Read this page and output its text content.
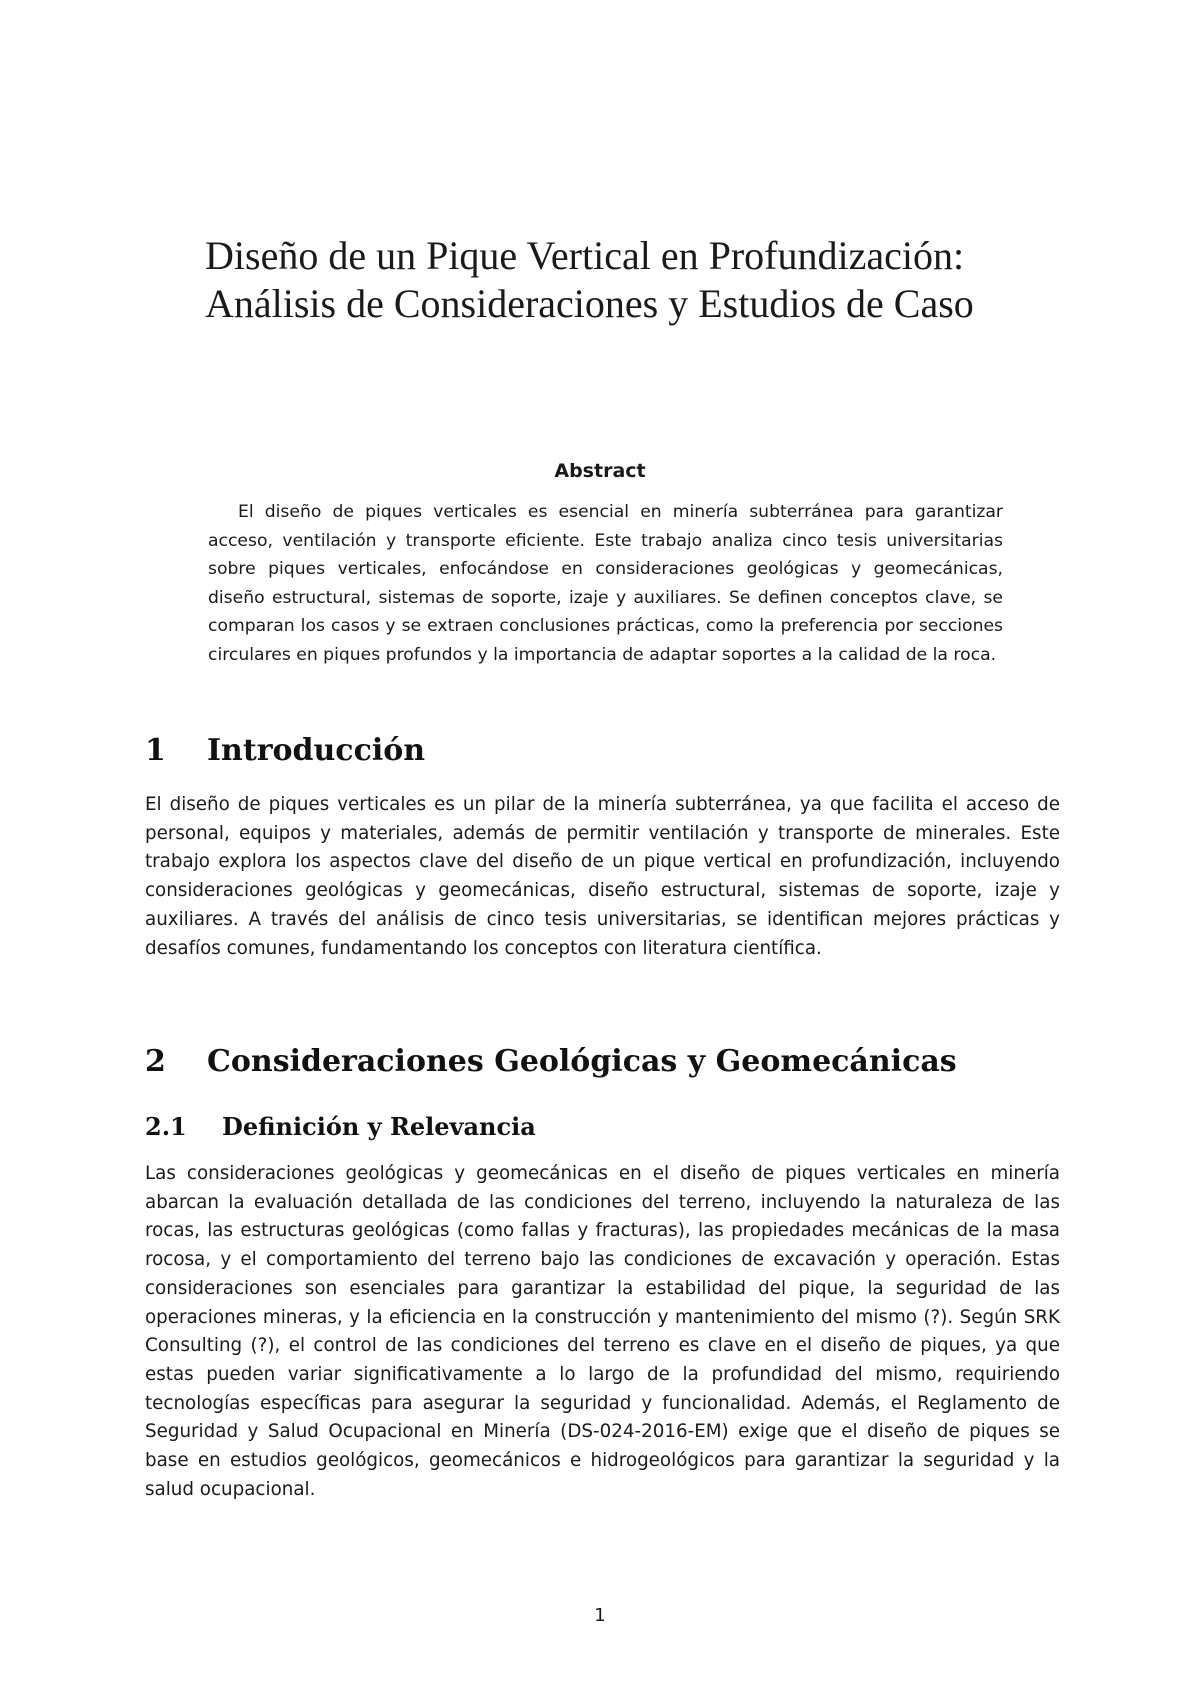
Diseño de un Pique Vertical en Profundización:
Análisis de Consideraciones y Estudios de Caso
Abstract

El diseño de piques verticales es esencial en minería subterránea para garantizar acceso, ventilación y transporte eficiente. Este trabajo analiza cinco tesis universitarias sobre piques verticales, enfocándose en consideraciones geológicas y geomecánicas, diseño estructural, sistemas de soporte, izaje y auxiliares. Se definen conceptos clave, se comparan los casos y se extraen conclusiones prácticas, como la preferencia por secciones circulares en piques profundos y la importancia de adaptar soportes a la calidad de la roca.

1 Introducción

El diseño de piques verticales es un pilar de la minería subterránea, ya que facilita el acceso de personal, equipos y materiales, además de permitir ventilación y transporte de minerales. Este trabajo explora los aspectos clave del diseño de un pique vertical en profundización, incluyendo consideraciones geológicas y geomecánicas, diseño estructural, sistemas de soporte, izaje y auxiliares. A través del análisis de cinco tesis universitarias, se identifican mejores prácticas y desafíos comunes, fundamentando los conceptos con literatura científica.

2 Consideraciones Geológicas y Geomecánicas
2.1 Definición y Relevancia

Las consideraciones geológicas y geomecánicas en el diseño de piques verticales en minería abarcan la evaluación detallada de las condiciones del terreno, incluyendo la naturaleza de las rocas, las estructuras geológicas (como fallas y fracturas), las propiedades mecánicas de la masa rocosa, y el comportamiento del terreno bajo las condiciones de excavación y operación. Estas consideraciones son esenciales para garantizar la estabilidad del pique, la seguridad de las operaciones mineras, y la eficiencia en la construcción y mantenimiento del mismo (?). Según SRK Consulting (?), el control de las condiciones del terreno es clave en el diseño de piques, ya que estas pueden variar significativamente a lo largo de la profundidad del mismo, requiriendo tecnologías específicas para asegurar la seguridad y funcionalidad. Además, el Reglamento de Seguridad y Salud Ocupacional en Minería (DS-024-2016-EM) exige que el diseño de piques se base en estudios geológicos, geomecánicos e hidrogeológicos para garantizar la seguridad y la salud ocupacional.

1
